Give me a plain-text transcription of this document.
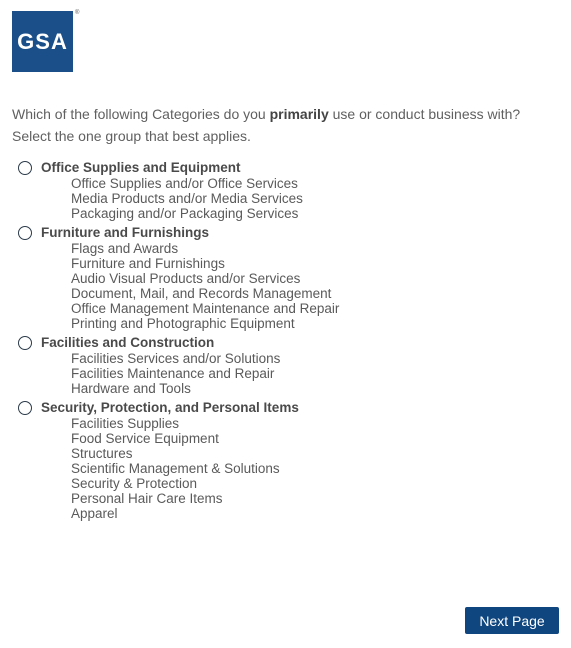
GSA
®
Which of the following Categories do you primarily use or conduct business with?
Select the one group that best applies.
Office Supplies and Equipment
Office Supplies and/or Office Services
Media Products and/or Media Services
Packaging and/or Packaging Services
Furniture and Furnishings
Flags and Awards
Furniture and Furnishings
Audio Visual Products and/or Services
Document, Mail, and Records Management
Office Management Maintenance and Repair
Printing and Photographic Equipment
Facilities and Construction
Facilities Services and/or Solutions
Facilities Maintenance and Repair
Hardware and Tools
Security, Protection, and Personal Items
Facilities Supplies
Food Service Equipment
Structures
Scientific Management & Solutions
Security & Protection
Personal Hair Care Items
Apparel
Next Page
